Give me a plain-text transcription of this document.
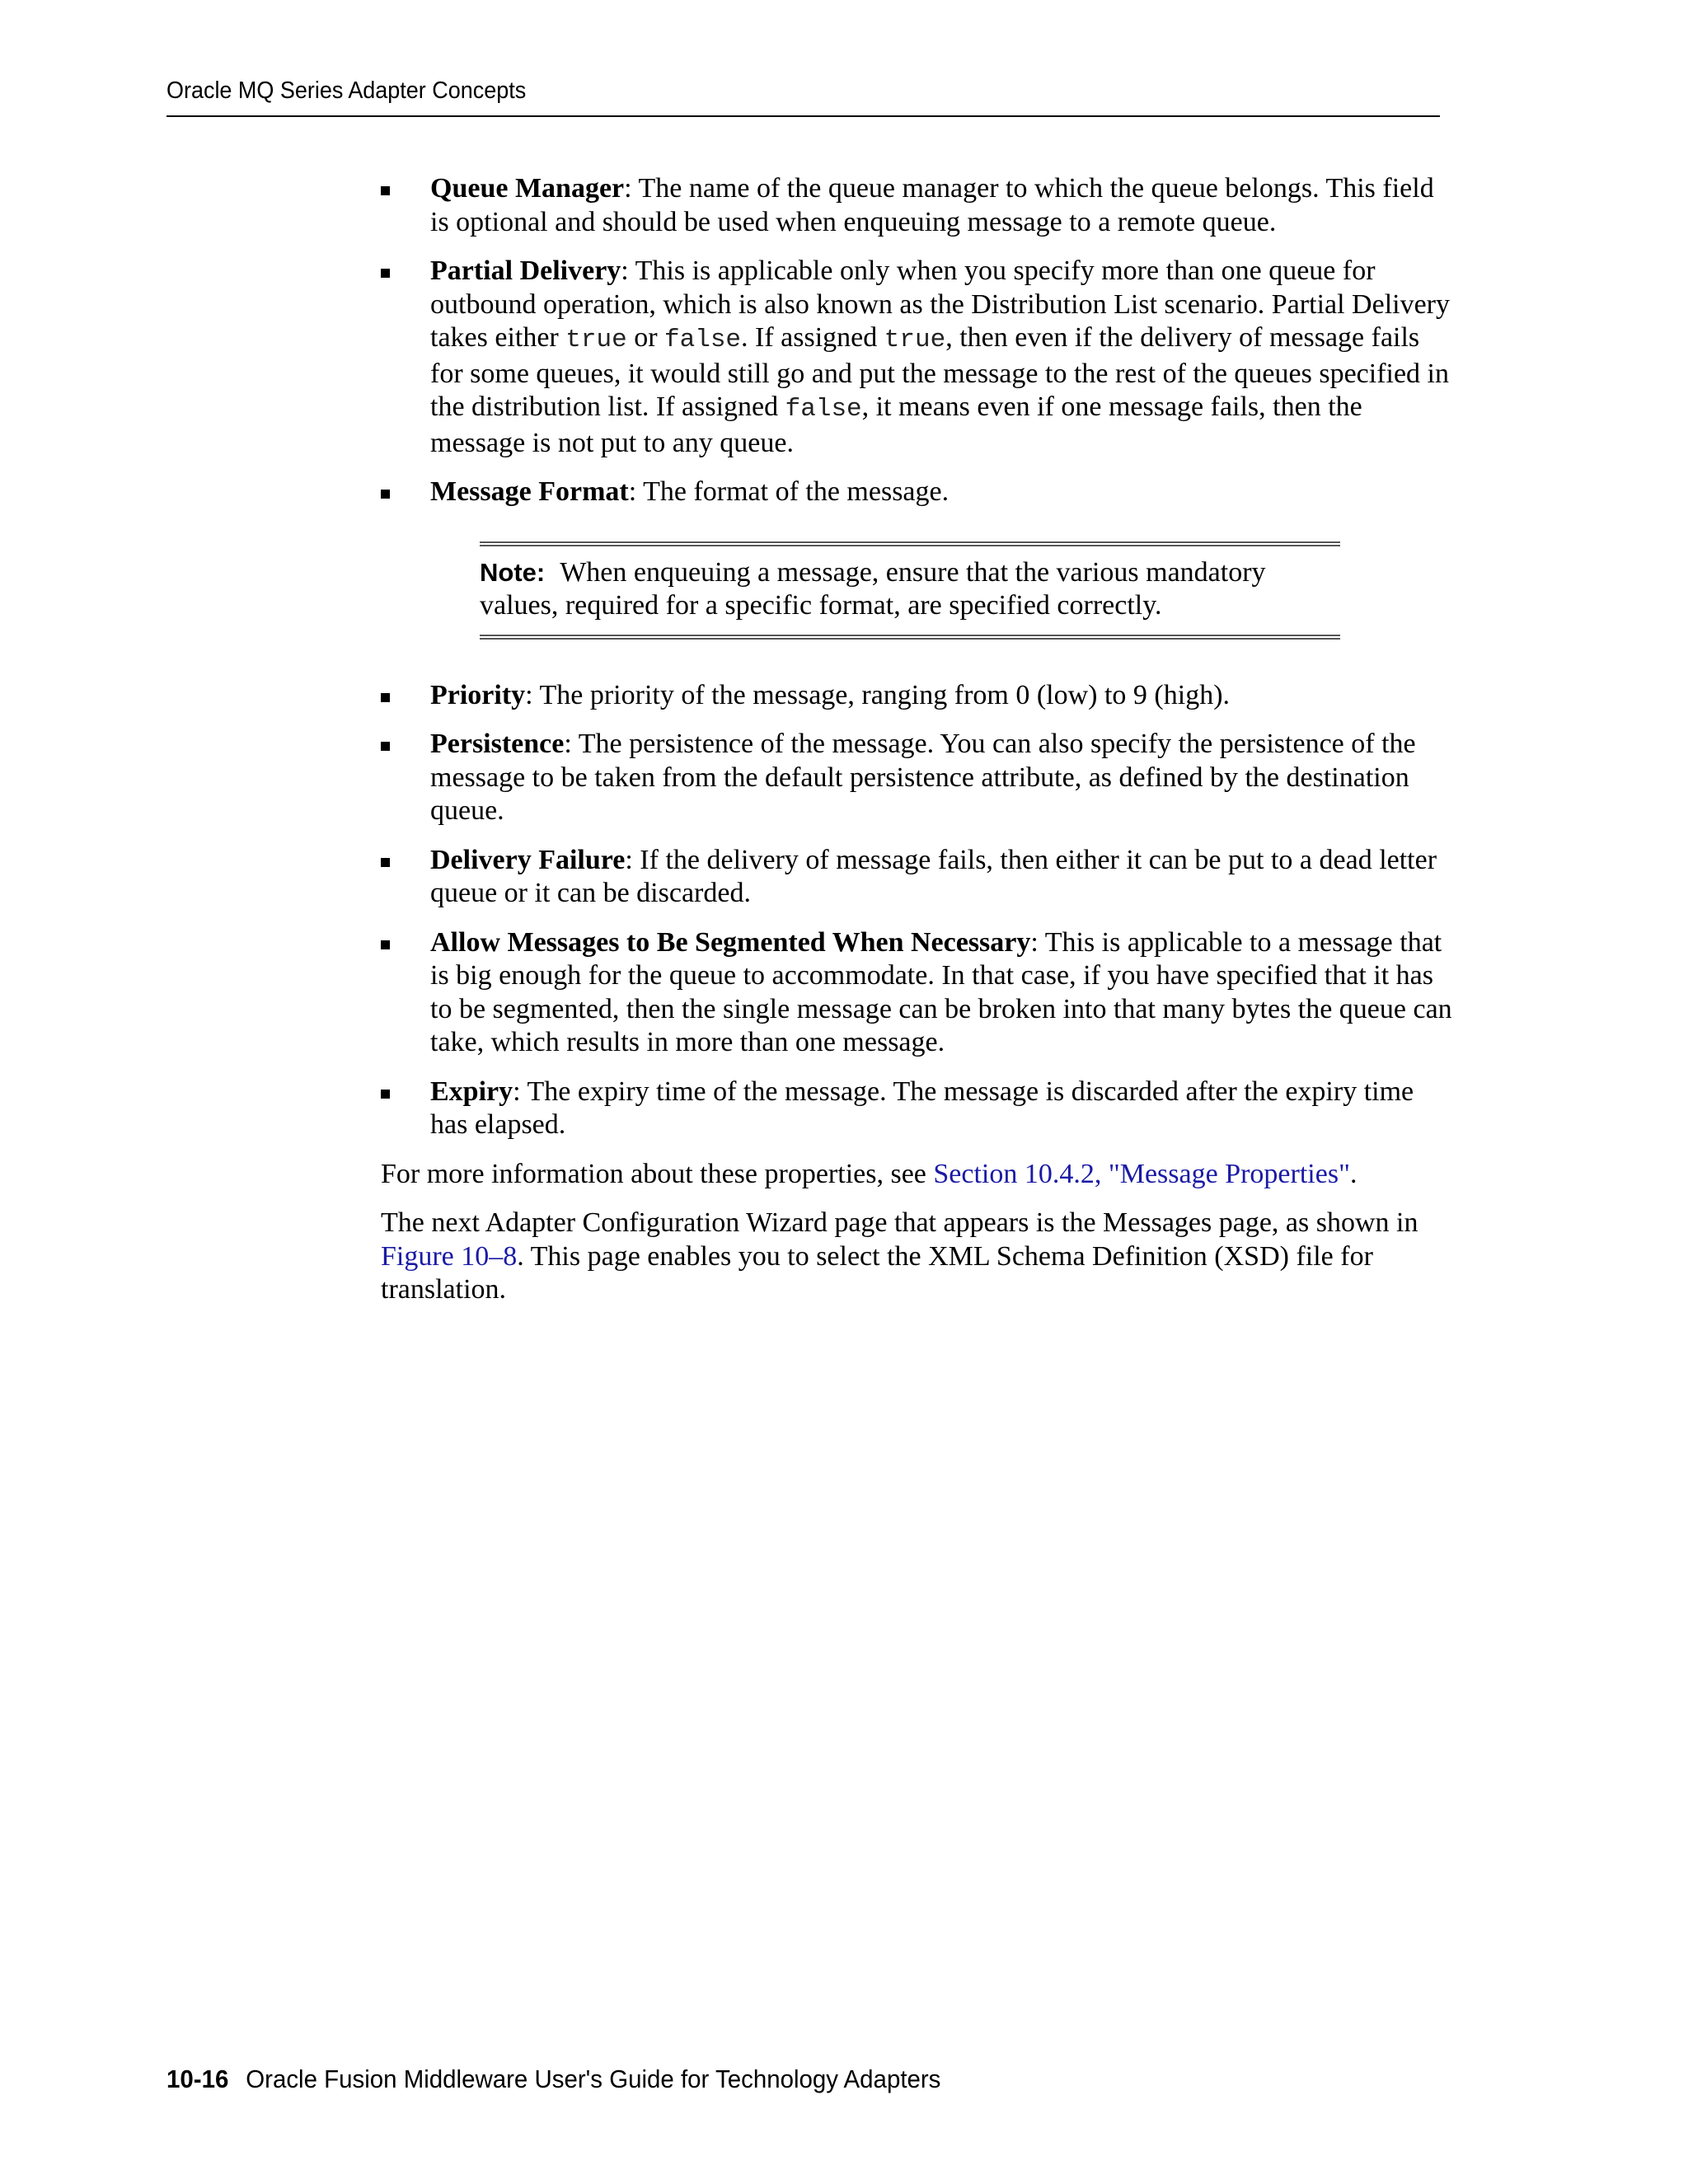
Oracle MQ Series Adapter Concepts
Queue Manager: The name of the queue manager to which the queue belongs. This field is optional and should be used when enqueuing message to a remote queue.
Partial Delivery: This is applicable only when you specify more than one queue for outbound operation, which is also known as the Distribution List scenario. Partial Delivery takes either true or false. If assigned true, then even if the delivery of message fails for some queues, it would still go and put the message to the rest of the queues specified in the distribution list. If assigned false, it means even if one message fails, then the message is not put to any queue.
Message Format: The format of the message.
Note: When enqueuing a message, ensure that the various mandatory values, required for a specific format, are specified correctly.
Priority: The priority of the message, ranging from 0 (low) to 9 (high).
Persistence: The persistence of the message. You can also specify the persistence of the message to be taken from the default persistence attribute, as defined by the destination queue.
Delivery Failure: If the delivery of message fails, then either it can be put to a dead letter queue or it can be discarded.
Allow Messages to Be Segmented When Necessary: This is applicable to a message that is big enough for the queue to accommodate. In that case, if you have specified that it has to be segmented, then the single message can be broken into that many bytes the queue can take, which results in more than one message.
Expiry: The expiry time of the message. The message is discarded after the expiry time has elapsed.

For more information about these properties, see Section 10.4.2, "Message Properties".

The next Adapter Configuration Wizard page that appears is the Messages page, as shown in Figure 10–8. This page enables you to select the XML Schema Definition (XSD) file for translation.

10-16 Oracle Fusion Middleware User's Guide for Technology Adapters
